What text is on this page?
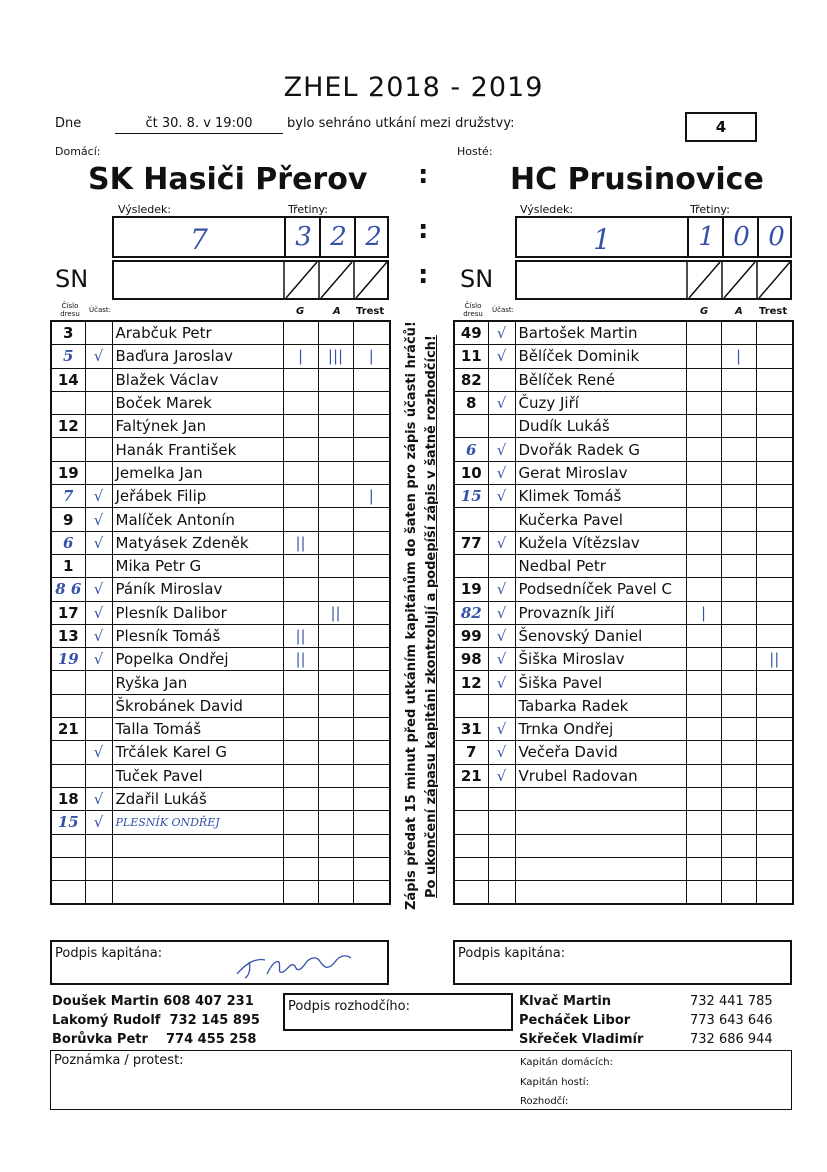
ZHEL 2018 - 2019
Dne	čt 30. 8. v 19:00	bylo sehráno utkání mezi družstvy:	4
Domácí:	Hosté:
SK Hasiči Přerov	HC Prusinovice
:
:
:
Výsledek:	Třetiny:
7	3 2 2
Výsledek:	Třetiny:
1	1 0 0
SN	SN
Číslo dresu	Účast:	G	A Trest	Číslo dresu	Účast:	G	A Trest
3		Arabčuk Petr			
5	√	Baďura Jaroslav	|	|||	|
14		Blažek Václav			
		Boček Marek			
12		Faltýnek Jan			
		Hanák František			
19		Jemelka Jan			
7	√	Jeřábek Filip			|
9	√	Malíček Antonín			
6	√	Matyásek Zdeněk	||		
1		Mika Petr G			
8 6	√	Páník Miroslav			
17	√	Plesník Dalibor		||	
13	√	Plesník Tomáš	||		
19	√	Popelka Ondřej	||		
		Ryška Jan			
		Škrobánek David			
21		Talla Tomáš			
	√	Trčálek Karel G			
		Tuček Pavel			
18	√	Zdařil Lukáš			
15	√	PLESNÍK ONDŘEJ			

49	√	Bartošek Martin			
11	√	Bělíček Dominik		|	
82		Bělíček René			
8	√	Čuzy Jiří			
		Dudík Lukáš			
6	√	Dvořák Radek G			
10	√	Gerat Miroslav			
15	√	Klimek Tomáš			
		Kučerka Pavel			
77	√	Kužela Vítězslav			
		Nedbal Petr			
19	√	Podsedníček Pavel C			
82	√	Provazník Jiří	|		
99	√	Šenovský Daniel			
98	√	Šiška Miroslav			||
12	√	Šiška Pavel			
		Tabarka Radek			
31	√	Trnka Ondřej			
7	√	Večeřa David			
21	√	Vrubel Radovan			

Zápis předat 15 minut před utkáním kapitánům do šaten pro zápis účasti hráčů! Po ukončení zápasu kapitáni zkontrolují a podepíší zápis v šatně rozhodčích!
Podpis kapitána:	Podpis kapitána:
Doušek Martin 608 407 231
Lakomý Rudolf 732 145 895
Borůvka Petr 774 455 258
Podpis rozhodčího:	Klvač Martin	732 441 785
Pecháček Libor	773 643 646
Skřeček Vladimír	732 686 944
Poznámka / protest:	Kapitán domácích:
Kapitán hostí:
Rozhodčí:
